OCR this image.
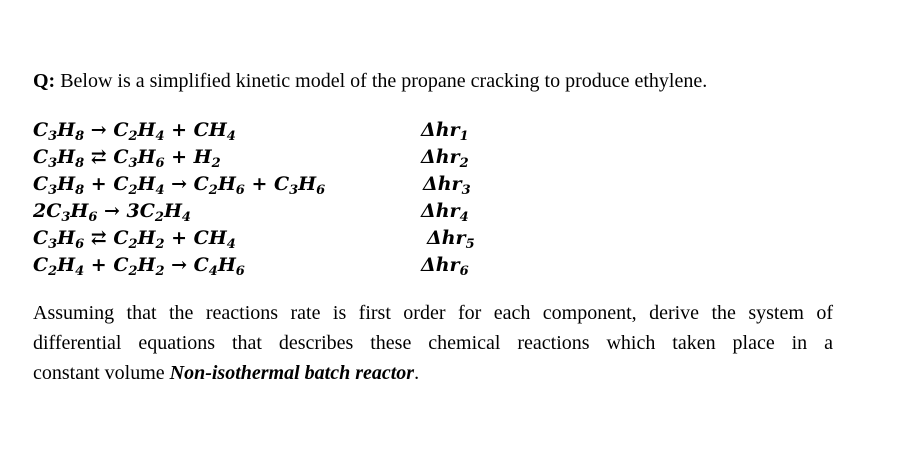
Q: Below is a simplified kinetic model of the propane cracking to produce ethylene.
$C_3H_8 \to C_2H_4 + CH_4$	Δhr$_1$
$C_3H_8$ ⇄ $C_3H_6 + H_2$	Δhr$_2$
$C_3H_8 + C_2H_4 \to C_2H_6 + C_3H_6$	Δhr$_3$
$2C_3H_6 \to 3C_2H_4$	Δhr$_4$
$C_3H_6$ ⇄ $C_2H_2 + CH_4$	Δhr$_5$
$C_2H_4 + C_2H_2 \to C_4H_6$	Δhr$_6$
Assuming that the reactions rate is first order for each component, derive the system of
differential equations that describes these chemical reactions which taken place in a
constant volume Non-isothermal batch reactor.
